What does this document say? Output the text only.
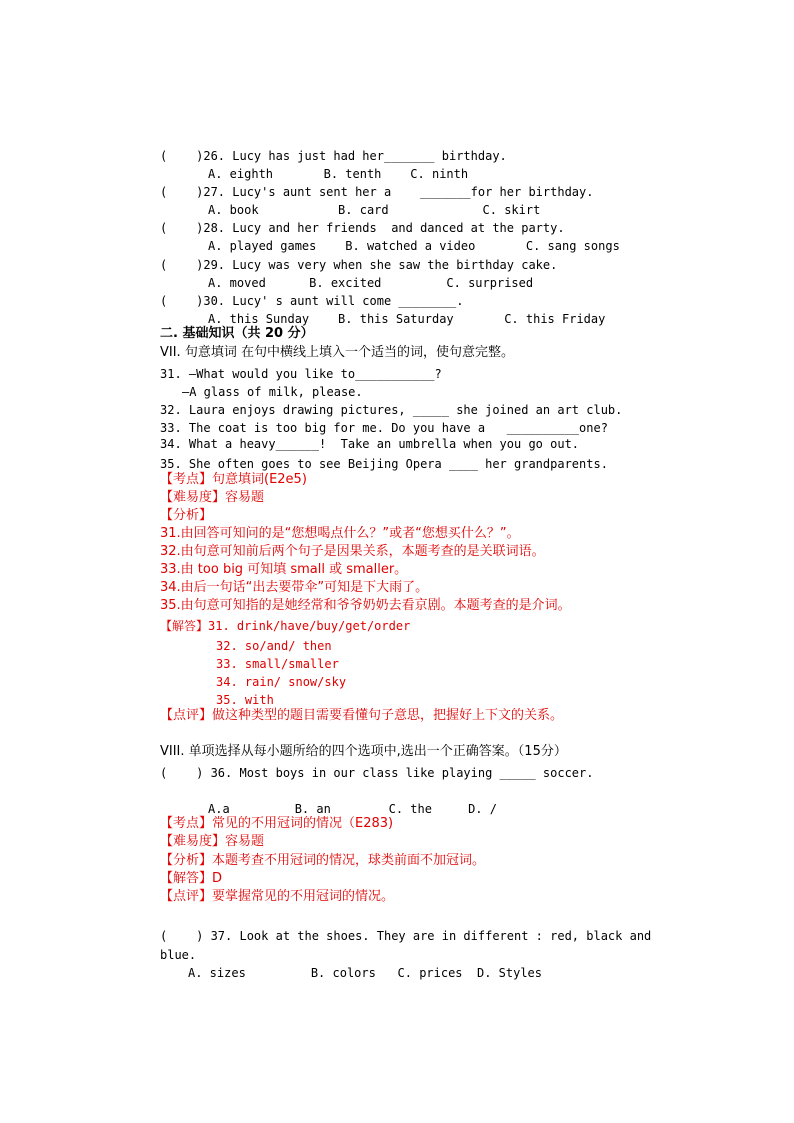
(    )26. Lucy has just had her_______ birthday.
A. eighth       B. tenth    C. ninth
(    )27. Lucy's aunt sent her a    _______for her birthday.
A. book           B. card             C. skirt
(    )28. Lucy and her friends  and danced at the party.
A. played games    B. watched a video       C. sang songs
(    )29. Lucy was very when she saw the birthday cake.
A. moved      B. excited         C. surprised
(    )30. Lucy' s aunt will come ________.
A. this Sunday    B. this Saturday       C. this Friday
二. 基础知识（共 20 分）
VII. 句意填词 在句中横线上填入一个适当的词，使句意完整。
31. —What would you like to___________?
—A glass of milk, please.
32. Laura enjoys drawing pictures, _____ she joined an art club.
33. The coat is too big for me. Do you have a   __________one?
34. What a heavy______!  Take an umbrella when you go out.
35. She often goes to see Beijing Opera ____ her grandparents.
【考点】句意填词(E2e5)
【难易度】容易题
【分析】
31.由回答可知问的是“您想喝点什么？”或者“您想买什么？”。
32.由句意可知前后两个句子是因果关系，本题考查的是关联词语。
33.由 too big 可知填 small 或 smaller。
34.由后一句话“出去要带伞”可知是下大雨了。
35.由句意可知指的是她经常和爷爷奶奶去看京剧。本题考查的是介词。
【解答】31. drink/have/buy/get/order
32. so/and/ then
33. small/smaller
34. rain/ snow/sky
35. with
【点评】做这种类型的题目需要看懂句子意思，把握好上下文的关系。
VIII. 单项选择从每小题所给的四个选项中,选出一个正确答案。（15分）
(    ) 36. Most boys in our class like playing _____ soccer.
A.a         B. an        C. the     D. /
【考点】常见的不用冠词的情况（E283)
【难易度】容易题
【分析】本题考查不用冠词的情况，球类前面不加冠词。
【解答】D
【点评】要掌握常见的不用冠词的情况。
(    ) 37. Look at the shoes. They are in different : red, black and
blue.
A. sizes         B. colors   C. prices  D. Styles
